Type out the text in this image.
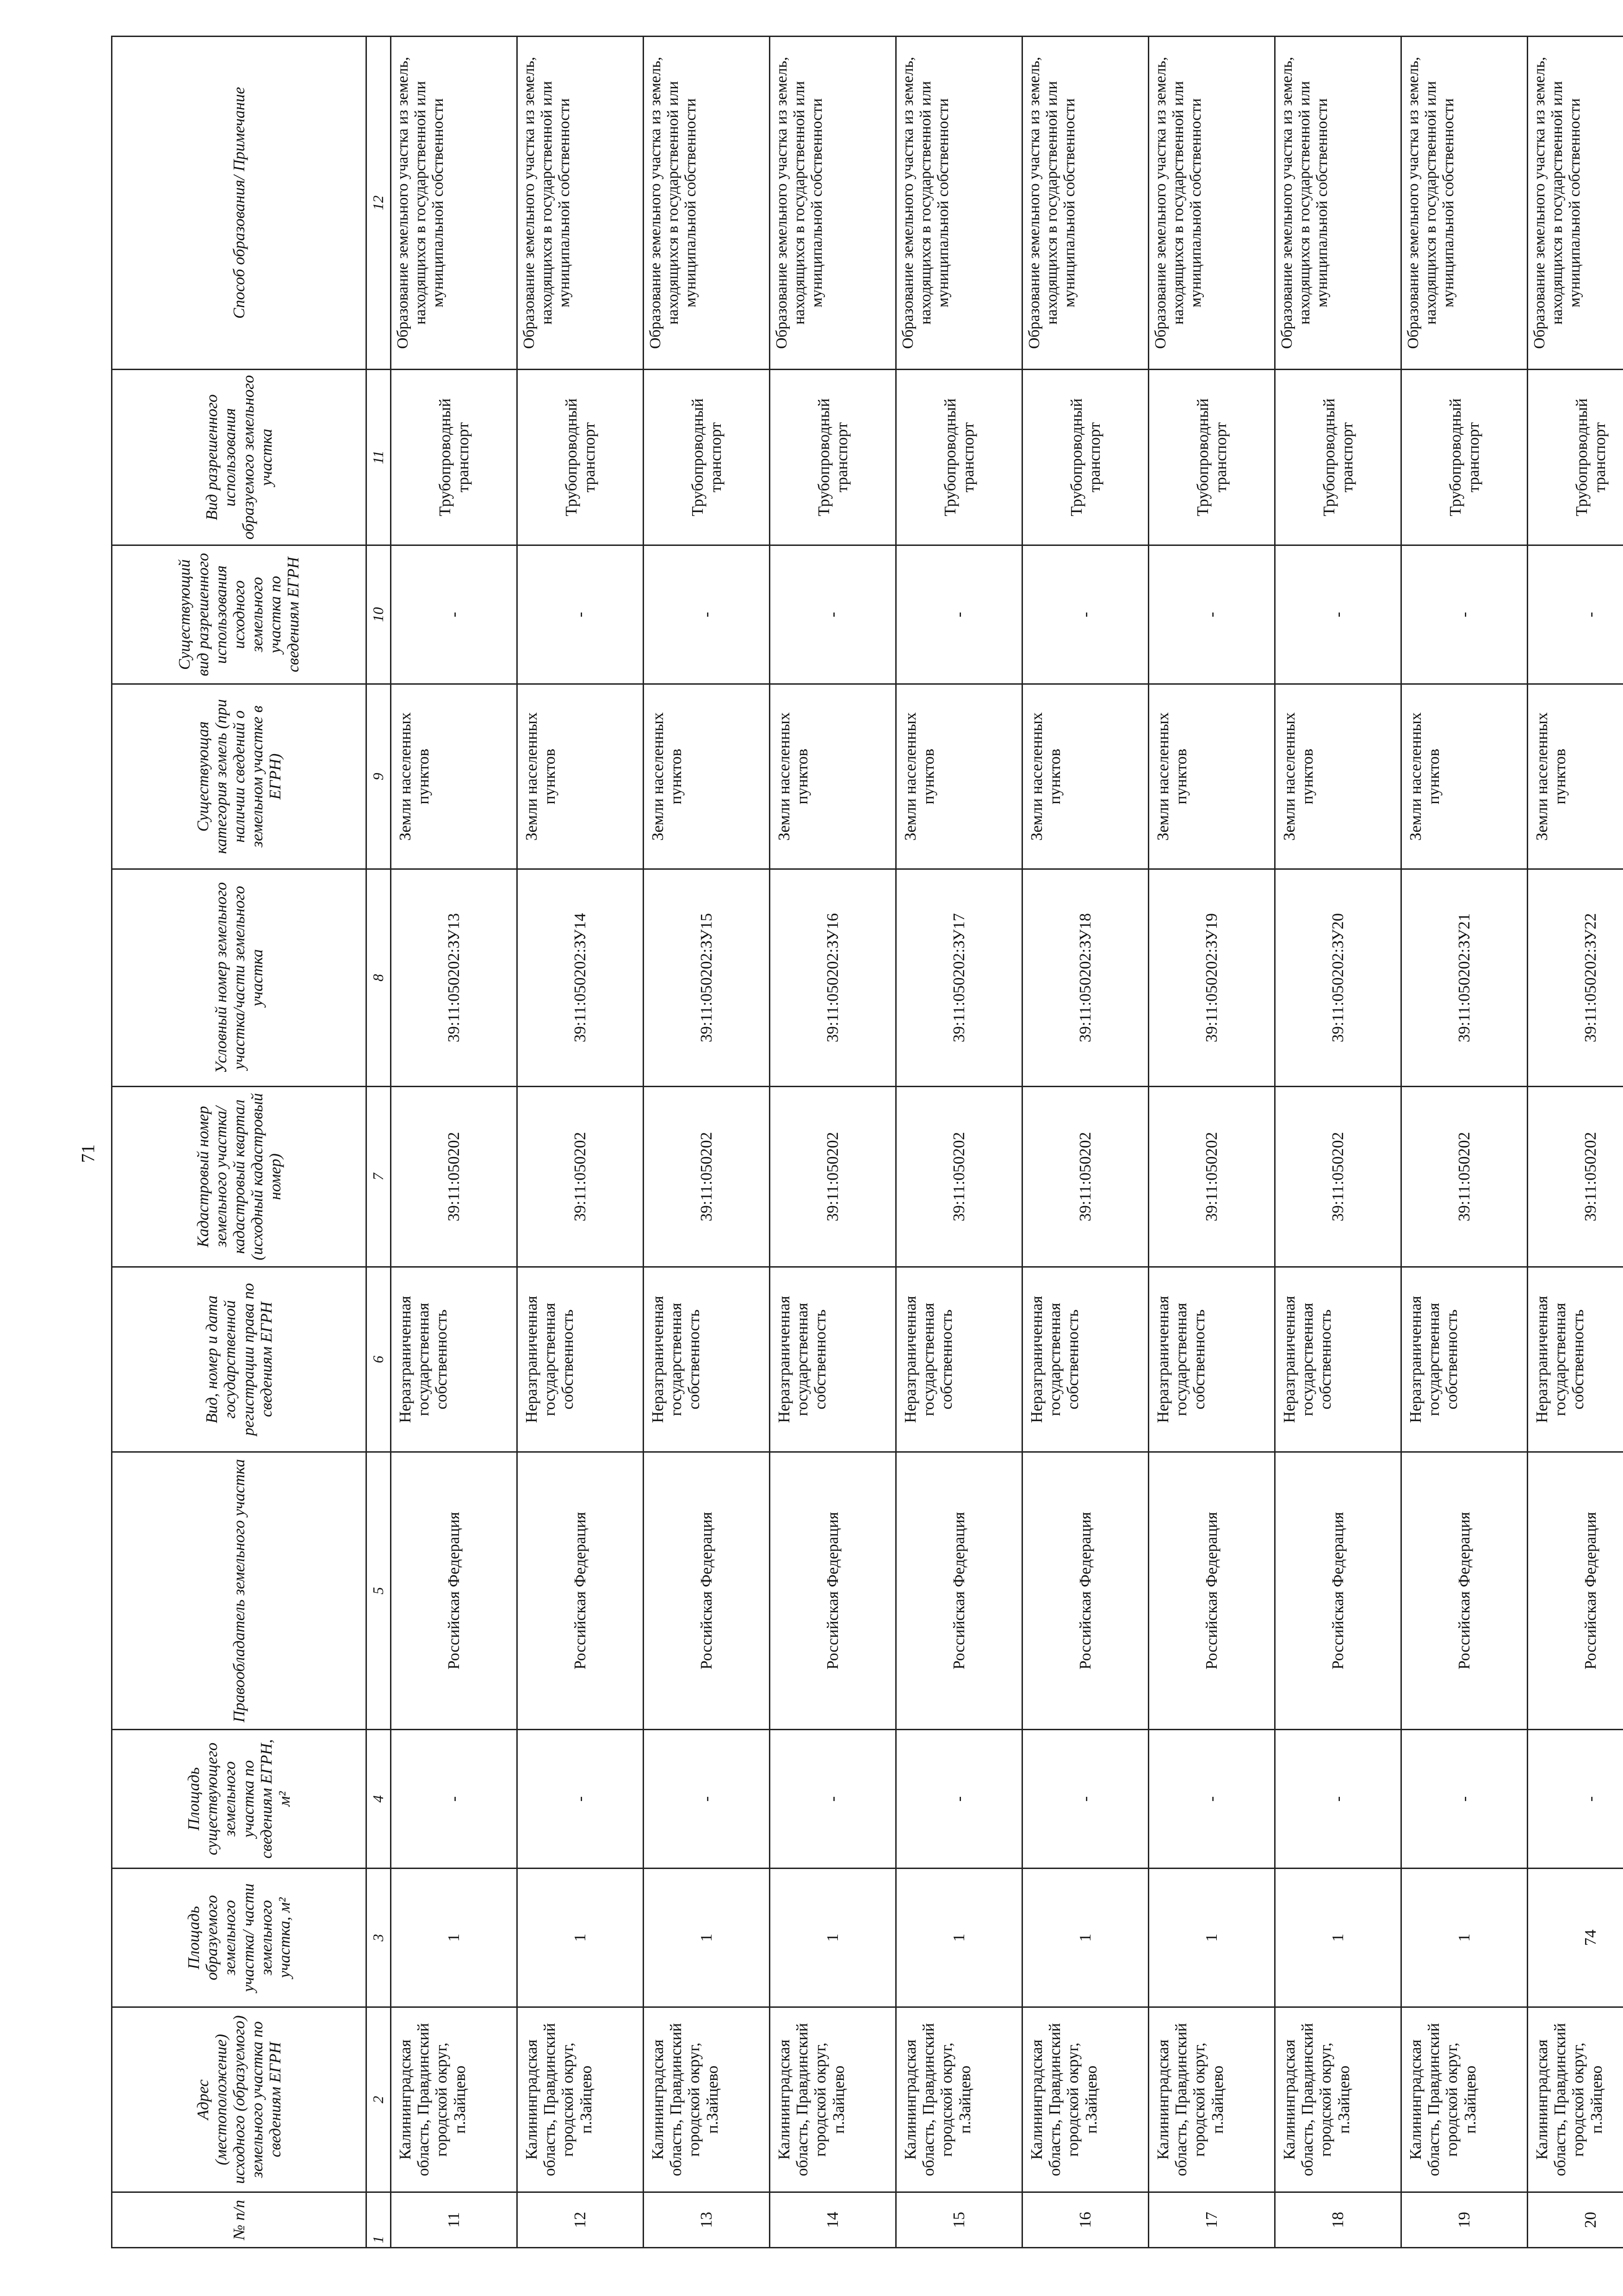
71
№ п/п	Адрес (местоположение) исходного (образуемого) земельного участка по сведениям ЕГРН	Площадь образуемого земельного участка/ части земельного участка, м²	Площадь существующего земельного участка по сведениям ЕГРН, м²	Правообладатель земельного участка	Вид, номер и дата государственной регистрации права по сведениям ЕГРН	Кадастровый номер земельного участка/ кадастровый квартал (исходный кадастровый номер)	Условный номер земельного участка/части земельного участка	Существующая категория земель (при наличии сведений о земельном участке в ЕГРН)	Существующий вид разрешенного использования исходного земельного участка по сведениям ЕГРН	Вид разрешенного использования образуемого земельного участка	Способ образования/ Примечание
1	2	3	4	5	6	7	8	9	10	11	12
11	Калининградская область, Правдинский городской округ, п.Зайцево	1	-	Российская Федерация	Неразграниченная государственная собственность	39:11:050202	39:11:050202:ЗУ13	Земли населенных пунктов	-	Трубопроводный транспорт	Образование земельного участка из земель, находящихся в государственной или муниципальной собственности
12	Калининградская область, Правдинский городской округ, п.Зайцево	1	-	Российская Федерация	Неразграниченная государственная собственность	39:11:050202	39:11:050202:ЗУ14	Земли населенных пунктов	-	Трубопроводный транспорт	Образование земельного участка из земель, находящихся в государственной или муниципальной собственности
13	Калининградская область, Правдинский городской округ, п.Зайцево	1	-	Российская Федерация	Неразграниченная государственная собственность	39:11:050202	39:11:050202:ЗУ15	Земли населенных пунктов	-	Трубопроводный транспорт	Образование земельного участка из земель, находящихся в государственной или муниципальной собственности
14	Калининградская область, Правдинский городской округ, п.Зайцево	1	-	Российская Федерация	Неразграниченная государственная собственность	39:11:050202	39:11:050202:ЗУ16	Земли населенных пунктов	-	Трубопроводный транспорт	Образование земельного участка из земель, находящихся в государственной или муниципальной собственности
15	Калининградская область, Правдинский городской округ, п.Зайцево	1	-	Российская Федерация	Неразграниченная государственная собственность	39:11:050202	39:11:050202:ЗУ17	Земли населенных пунктов	-	Трубопроводный транспорт	Образование земельного участка из земель, находящихся в государственной или муниципальной собственности
16	Калининградская область, Правдинский городской округ, п.Зайцево	1	-	Российская Федерация	Неразграниченная государственная собственность	39:11:050202	39:11:050202:ЗУ18	Земли населенных пунктов	-	Трубопроводный транспорт	Образование земельного участка из земель, находящихся в государственной или муниципальной собственности
17	Калининградская область, Правдинский городской округ, п.Зайцево	1	-	Российская Федерация	Неразграниченная государственная собственность	39:11:050202	39:11:050202:ЗУ19	Земли населенных пунктов	-	Трубопроводный транспорт	Образование земельного участка из земель, находящихся в государственной или муниципальной собственности
18	Калининградская область, Правдинский городской округ, п.Зайцево	1	-	Российская Федерация	Неразграниченная государственная собственность	39:11:050202	39:11:050202:ЗУ20	Земли населенных пунктов	-	Трубопроводный транспорт	Образование земельного участка из земель, находящихся в государственной или муниципальной собственности
19	Калининградская область, Правдинский городской округ, п.Зайцево	1	-	Российская Федерация	Неразграниченная государственная собственность	39:11:050202	39:11:050202:ЗУ21	Земли населенных пунктов	-	Трубопроводный транспорт	Образование земельного участка из земель, находящихся в государственной или муниципальной собственности
20	Калининградская область, Правдинский городской округ, п.Зайцево	74	-	Российская Федерация	Неразграниченная государственная собственность	39:11:050202	39:11:050202:ЗУ22	Земли населенных пунктов	-	Трубопроводный транспорт	Образование земельного участка из земель, находящихся в государственной или муниципальной собственности
